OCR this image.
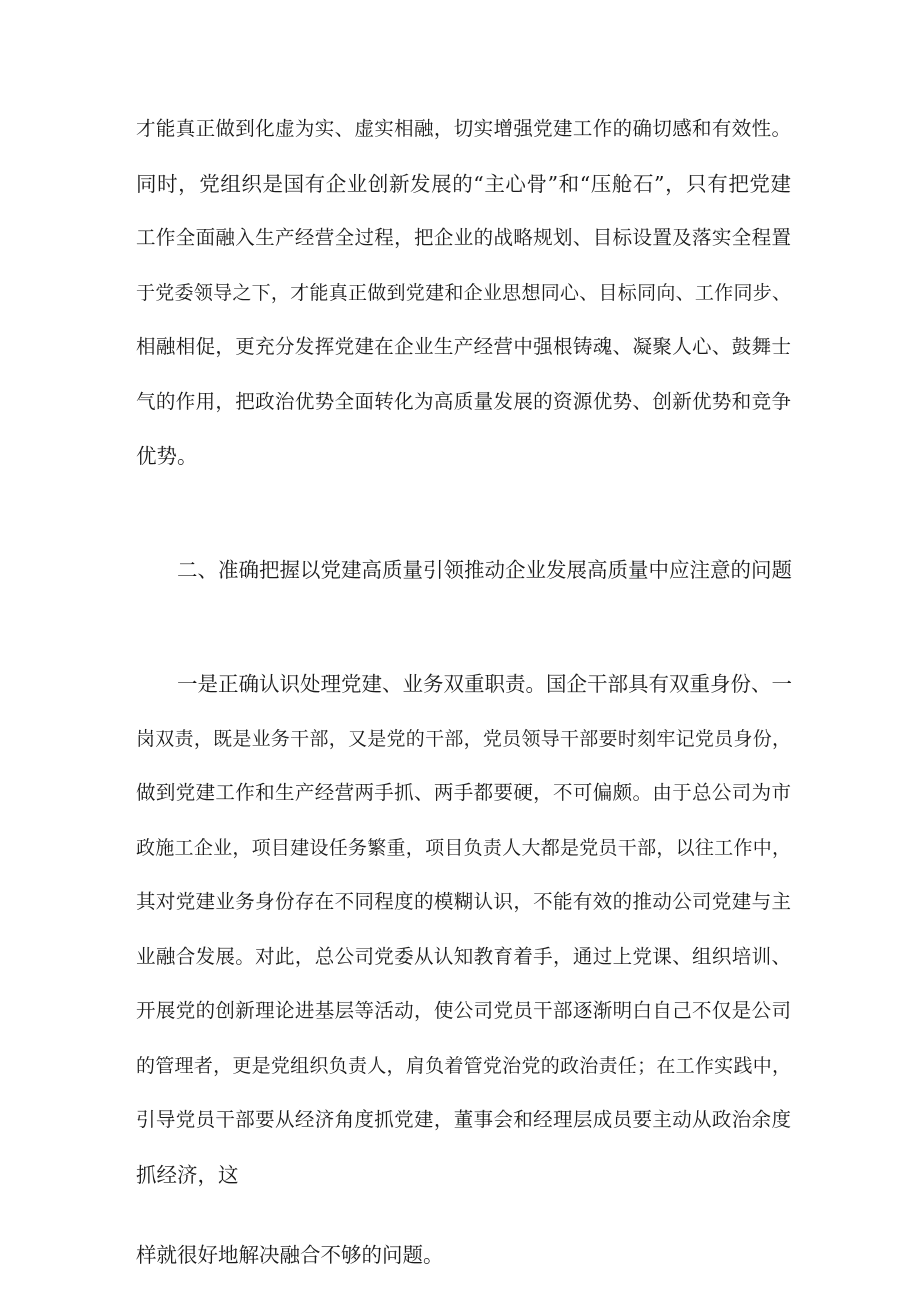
才能真正做到化虚为实、虚实相融，切实增强党建工作的确切感和有效性。

同时，党组织是国有企业创新发展的“主心骨”和“压舱石”，只有把党建

工作全面融入生产经营全过程，把企业的战略规划、目标设置及落实全程置

于党委领导之下，才能真正做到党建和企业思想同心、目标同向、工作同步、

相融相促，更充分发挥党建在企业生产经营中强根铸魂、凝聚人心、鼓舞士

气的作用，把政治优势全面转化为高质量发展的资源优势、创新优势和竞争

优势。

二、准确把握以党建高质量引领推动企业发展高质量中应注意的问题

一是正确认识处理党建、业务双重职责。国企干部具有双重身份、一

岗双责，既是业务干部，又是党的干部，党员领导干部要时刻牢记党员身份，

做到党建工作和生产经营两手抓、两手都要硬，不可偏颇。由于总公司为市

政施工企业，项目建设任务繁重，项目负责人大都是党员干部，以往工作中，

其对党建业务身份存在不同程度的模糊认识，不能有效的推动公司党建与主

业融合发展。对此，总公司党委从认知教育着手，通过上党课、组织培训、

开展党的创新理论进基层等活动，使公司党员干部逐渐明白自己不仅是公司

的管理者，更是党组织负责人，肩负着管党治党的政治责任；在工作实践中，

引导党员干部要从经济角度抓党建，董事会和经理层成员要主动从政治余度

抓经济，这

样就很好地解决融合不够的问题。
